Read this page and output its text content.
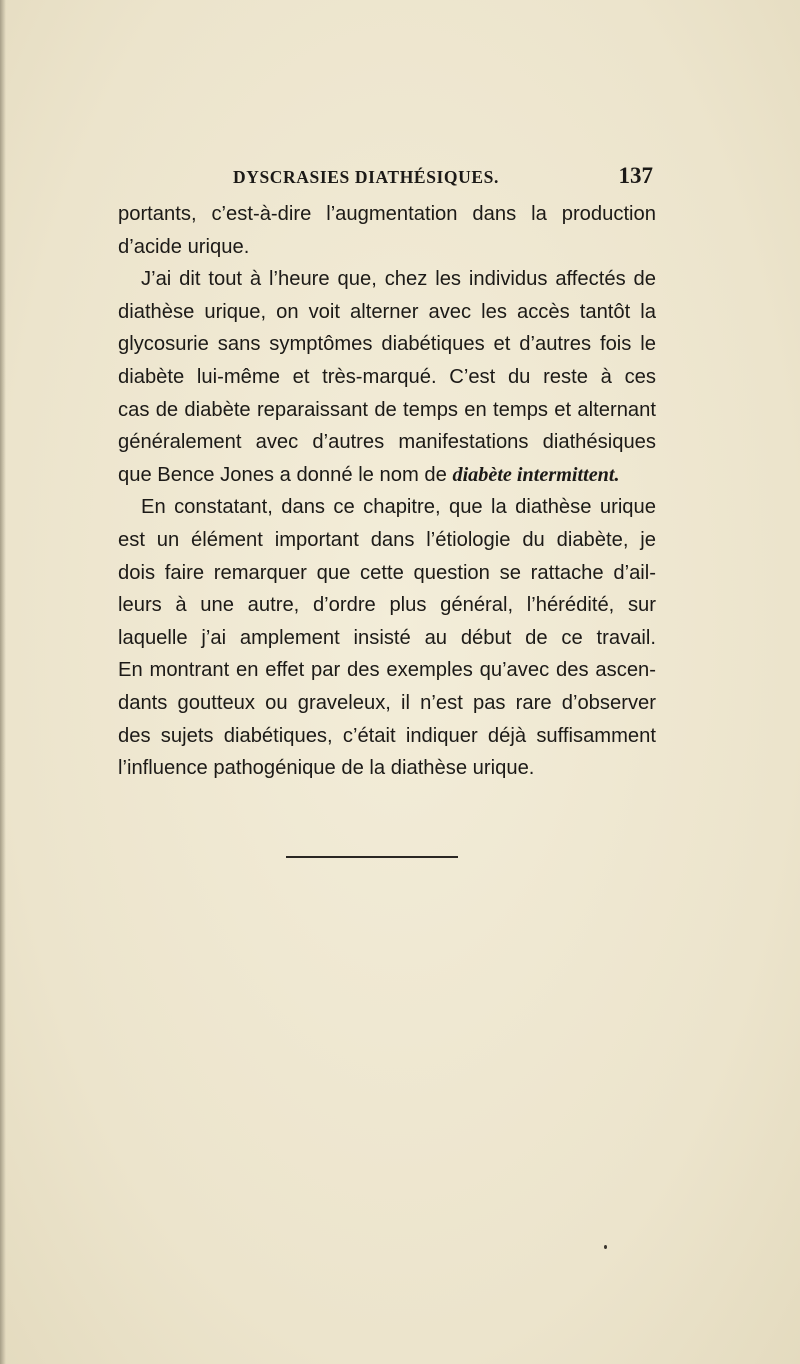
DYSCRASIES DIATHÉSIQUES.	137
portants, c’est-à-dire l’augmentation dans la production
d’acide urique.
J’ai dit tout à l’heure que, chez les individus affectés de
diathèse urique, on voit alterner avec les accès tantôt la
glycosurie sans symptômes diabétiques et d’autres fois le
diabète lui-même et très-marqué. C’est du reste à ces
cas de diabète reparaissant de temps en temps et alternant
généralement avec d’autres manifestations diathésiques
que Bence Jones a donné le nom de diabète intermittent.
En constatant, dans ce chapitre, que la diathèse urique
est un élément important dans l’étiologie du diabète, je
dois faire remarquer que cette question se rattache d’ail-
leurs à une autre, d’ordre plus général, l’hérédité, sur
laquelle j’ai amplement insisté au début de ce travail.
En montrant en effet par des exemples qu’avec des ascen-
dants goutteux ou graveleux, il n’est pas rare d’observer
des sujets diabétiques, c’était indiquer déjà suffisamment
l’influence pathogénique de la diathèse urique.
